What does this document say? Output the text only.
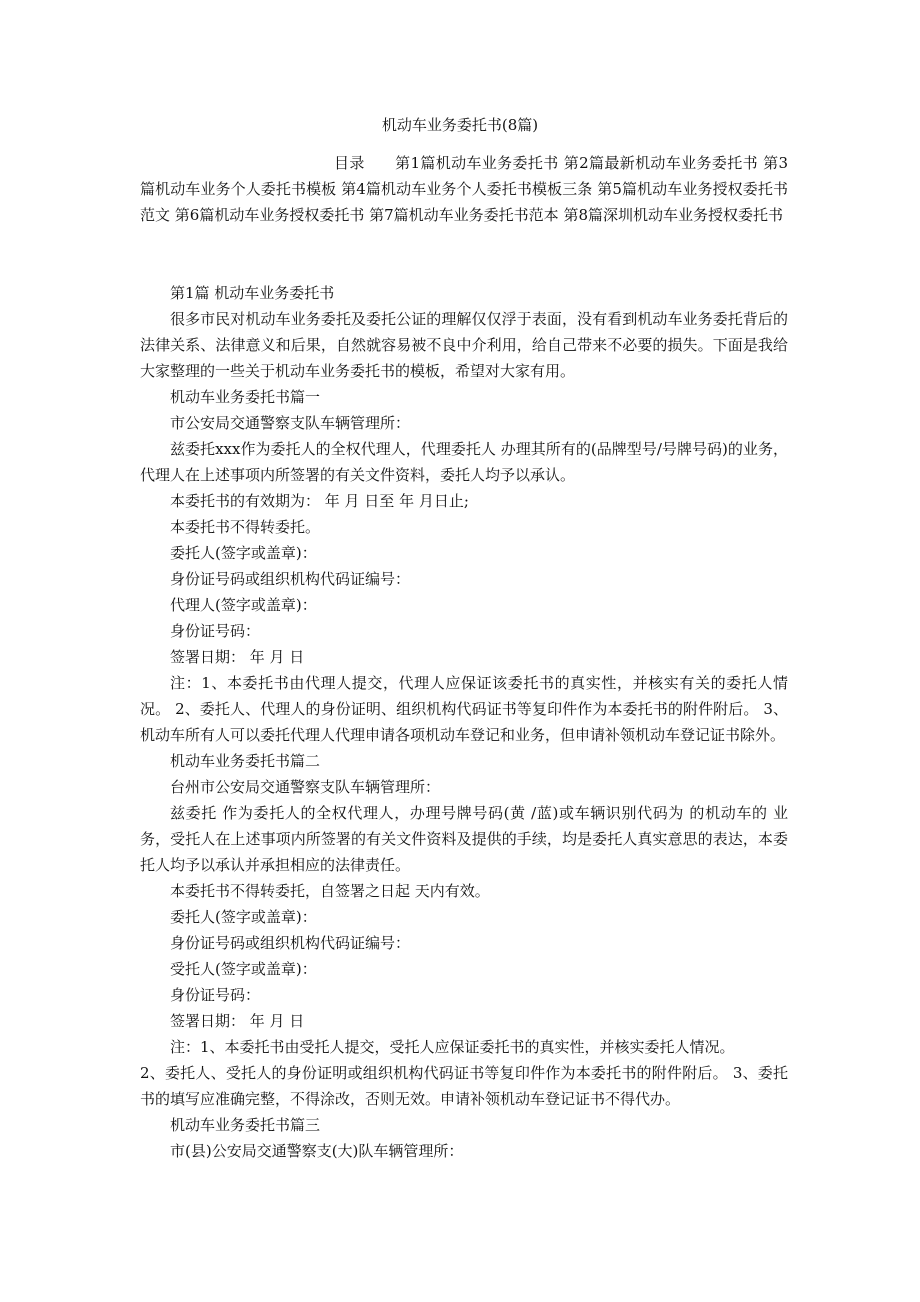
机动车业务委托书(8篇)
目录 第1篇机动车业务委托书 第2篇最新机动车业务委托书 第3篇机动车业务个人委托书模板 第4篇机动车业务个人委托书模板三条 第5篇机动车业务授权委托书范文 第6篇机动车业务授权委托书 第7篇机动车业务委托书范本 第8篇深圳机动车业务授权委托书

第1篇 机动车业务委托书

很多市民对机动车业务委托及委托公证的理解仅仅浮于表面，没有看到机动车业务委托背后的法律关系、法律意义和后果，自然就容易被不良中介利用，给自己带来不必要的损失。下面是我给大家整理的一些关于机动车业务委托书的模板，希望对大家有用。

机动车业务委托书篇一

市公安局交通警察支队车辆管理所：

兹委托xxx作为委托人的全权代理人，代理委托人 办理其所有的(品牌型号/号牌号码)的业务，代理人在上述事项内所签署的有关文件资料，委托人均予以承认。

本委托书的有效期为： 年 月 日至 年 月日止;

本委托书不得转委托。

委托人(签字或盖章)：

身份证号码或组织机构代码证编号：

代理人(签字或盖章)：

身份证号码：

签署日期： 年 月 日

注：1、本委托书由代理人提交，代理人应保证该委托书的真实性，并核实有关的委托人情况。 2、委托人、代理人的身份证明、组织机构代码证书等复印件作为本委托书的附件附后。 3、机动车所有人可以委托代理人代理申请各项机动车登记和业务，但申请补领机动车登记证书除外。

机动车业务委托书篇二

台州市公安局交通警察支队车辆管理所：

兹委托 作为委托人的全权代理人，办理号牌号码(黄 /蓝)或车辆识别代码为 的机动车的 业务，受托人在上述事项内所签署的有关文件资料及提供的手续，均是委托人真实意思的表达，本委托人均予以承认并承担相应的法律责任。

本委托书不得转委托，自签署之日起 天内有效。

委托人(签字或盖章)：

身份证号码或组织机构代码证编号：

受托人(签字或盖章)：

身份证号码：

签署日期： 年 月 日

注：1、本委托书由受托人提交，受托人应保证委托书的真实性，并核实委托人情况。

2、委托人、受托人的身份证明或组织机构代码证书等复印件作为本委托书的附件附后。 3、委托书的填写应准确完整，不得涂改，否则无效。申请补领机动车登记证书不得代办。

机动车业务委托书篇三

市(县)公安局交通警察支(大)队车辆管理所：
